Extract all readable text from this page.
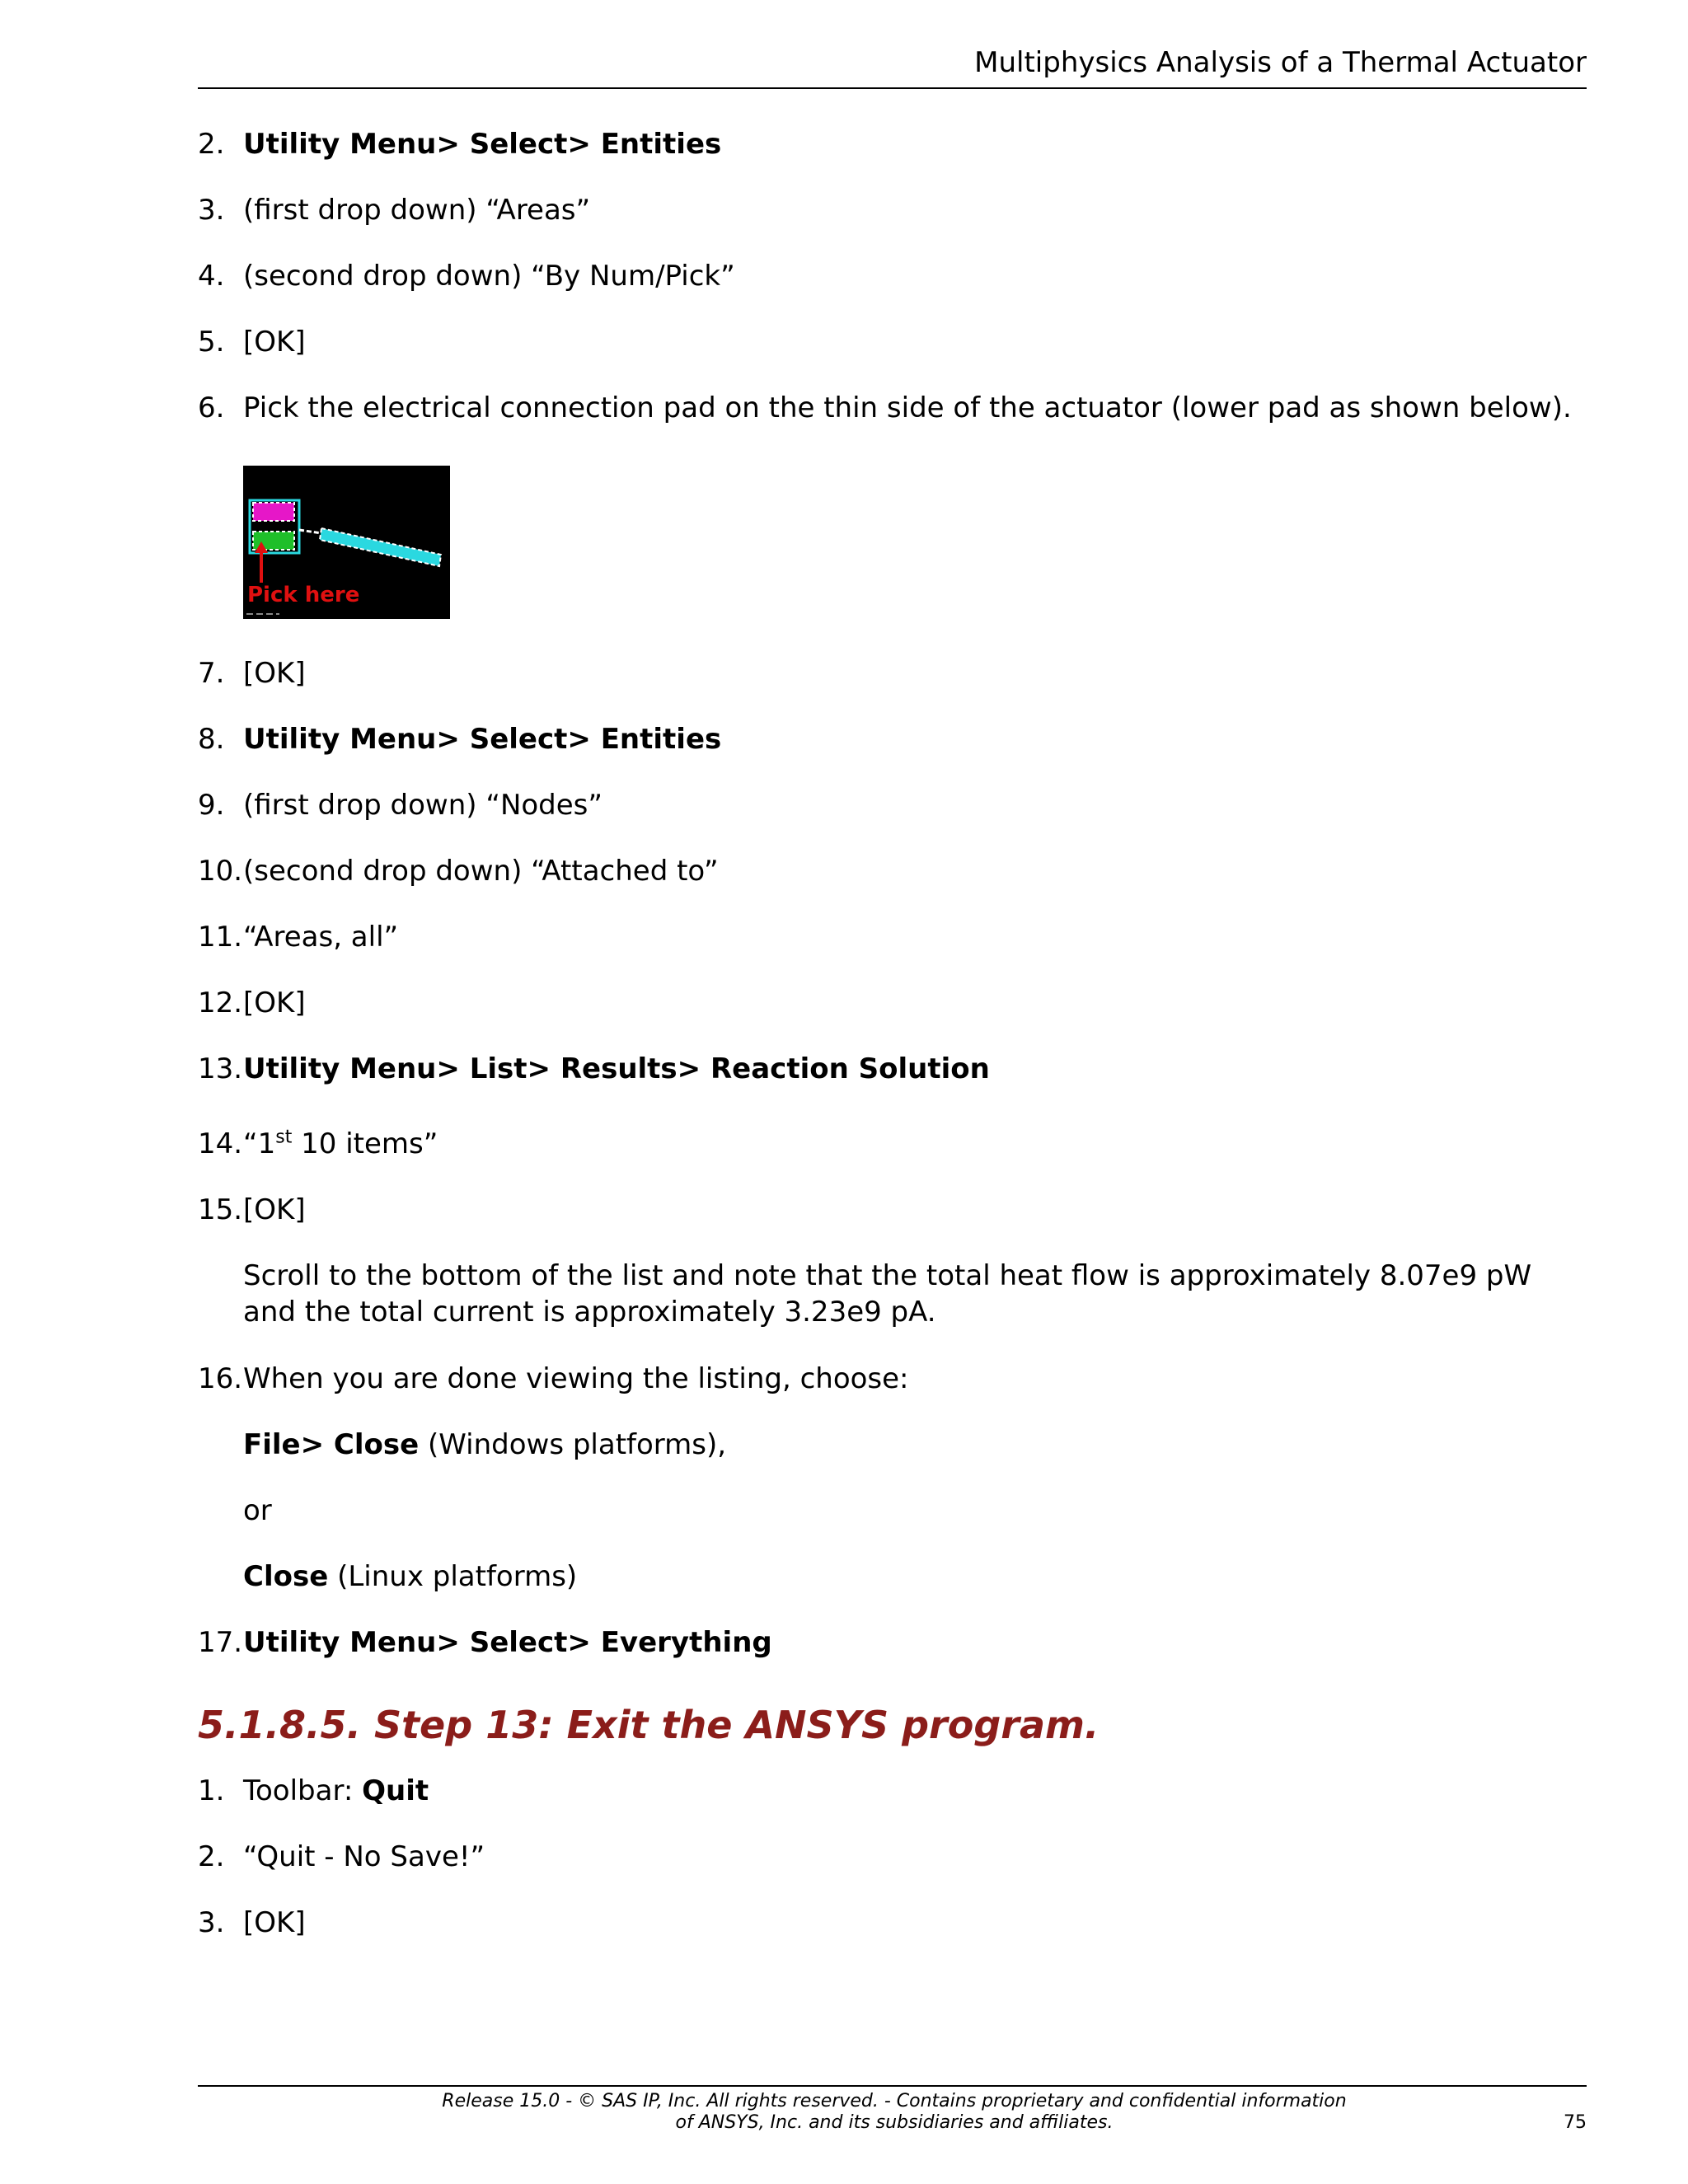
Multiphysics Analysis of a Thermal Actuator
2. Utility Menu> Select> Entities
3. (first drop down) “Areas”
4. (second drop down) “By Num/Pick”
5. [OK]
6. Pick the electrical connection pad on the thin side of the actuator (lower pad as shown below).
Pick here
7. [OK]
8. Utility Menu> Select> Entities
9. (first drop down) “Nodes”
10.(second drop down) “Attached to”
11.“Areas, all”
12.[OK]
13.Utility Menu> List> Results> Reaction Solution
14.“1st 10 items”
15.[OK]
Scroll to the bottom of the list and note that the total heat flow is approximately 8.07e9 pW and the total current is approximately 3.23e9 pA.
16.When you are done viewing the listing, choose:
File> Close (Windows platforms),
or
Close (Linux platforms)
17.Utility Menu> Select> Everything
5.1.8.5. Step 13: Exit the ANSYS program.
1. Toolbar: Quit
2. “Quit - No Save!”
3. [OK]
Release 15.0 - © SAS IP, Inc. All rights reserved. - Contains proprietary and confidential information
of ANSYS, Inc. and its subsidiaries and affiliates.	75
